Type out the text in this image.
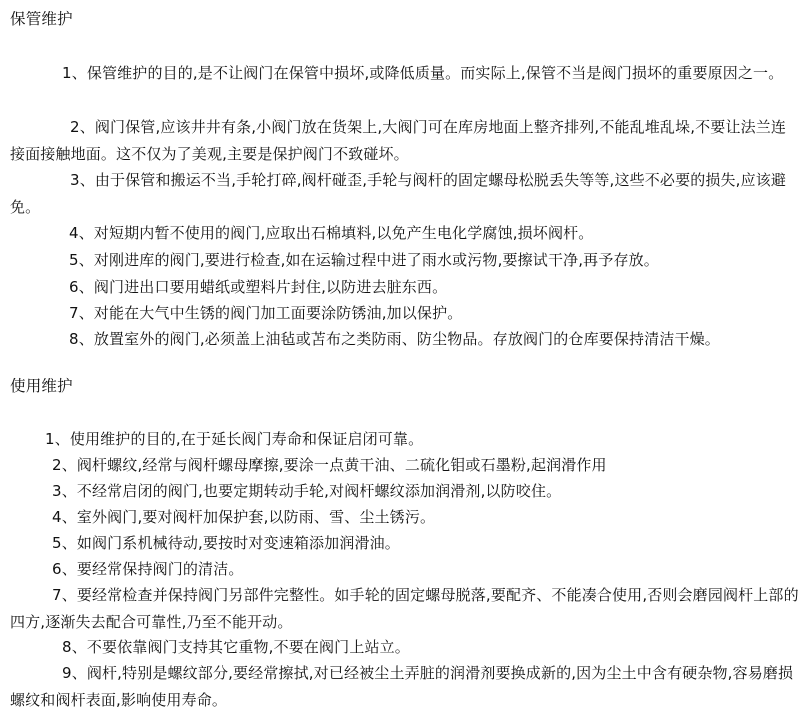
保管维护

1、保管维护的目的,是不让阀门在保管中损坏,或降低质量。而实际上,保管不当是阀门损坏的重要原因之一。

2、阀门保管,应该井井有条,小阀门放在货架上,大阀门可在库房地面上整齐排列,不能乱堆乱垛,不要让法兰连接面接触地面。这不仅为了美观,主要是保护阀门不致碰坏。

3、由于保管和搬运不当,手轮打碎,阀杆碰歪,手轮与阀杆的固定螺母松脱丢失等等,这些不必要的损失,应该避免。

4、对短期内暂不使用的阀门,应取出石棉填料,以免产生电化学腐蚀,损坏阀杆。

5、对刚进库的阀门,要进行检查,如在运输过程中进了雨水或污物,要擦试干净,再予存放。

6、阀门进出口要用蜡纸或塑料片封住,以防进去脏东西。

7、对能在大气中生锈的阀门加工面要涂防锈油,加以保护。

8、放置室外的阀门,必须盖上油毡或苫布之类防雨、防尘物品。存放阀门的仓库要保持清洁干燥。

使用维护

1、使用维护的目的,在于延长阀门寿命和保证启闭可靠。

2、阀杆螺纹,经常与阀杆螺母摩擦,要涂一点黄干油、二硫化钼或石墨粉,起润滑作用

3、不经常启闭的阀门,也要定期转动手轮,对阀杆螺纹添加润滑剂,以防咬住。

4、室外阀门,要对阀杆加保护套,以防雨、雪、尘土锈污。

5、如阀门系机械待动,要按时对变速箱添加润滑油。

6、要经常保持阀门的清洁。

7、要经常检查并保持阀门另部件完整性。如手轮的固定螺母脱落,要配齐、不能凑合使用,否则会磨园阀杆上部的四方,逐渐失去配合可靠性,乃至不能开动。

8、不要依靠阀门支持其它重物,不要在阀门上站立。

9、阀杆,特别是螺纹部分,要经常擦拭,对已经被尘土弄脏的润滑剂要换成新的,因为尘土中含有硬杂物,容易磨损螺纹和阀杆表面,影响使用寿命。
